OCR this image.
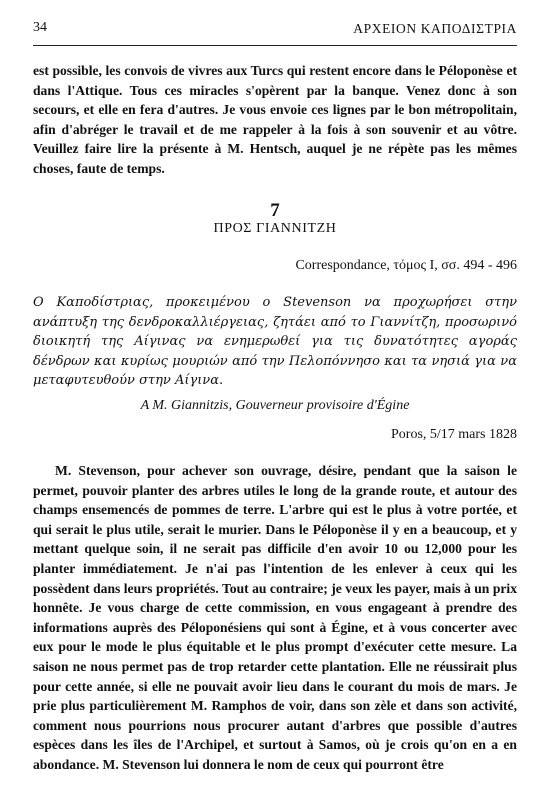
34	ΑΡΧΕΙΟΝ ΚΑΠΟΔΙΣΤΡΙΑ

est possible, les convois de vivres aux Turcs qui restent encore dans le Péloponèse et dans l'Attique. Tous ces miracles s'opèrent par la banque. Venez donc à son secours, et elle en fera d'autres. Je vous envoie ces lignes par le bon métropolitain, afin d'abréger le travail et de me rappeler à la fois à son souvenir et au vôtre. Veuillez faire lire la présente à M. Hentsch, auquel je ne répète pas les mêmes choses, faute de temps.

7
ΠΡΟΣ ΓΙΑΝΝΙΤΖΗ
Correspondance, τόμος I, σσ. 494 - 496

Ο Καποδίστριας, προκειμένου ο Stevenson να προχωρήσει στην ανάπτυξη της δενδροκαλλιέργειας, ζητάει από το Γιαννίτζη, προσωρινό διοικητή της Αίγινας να ενημερωθεί για τις δυνατότητες αγοράς δένδρων και κυρίως μουριών από την Πελοπόννησο και τα νησιά για να μεταφυτευθούν στην Αίγινα.

A M. Giannitzis, Gouverneur provisoire d'Égine
Poros, 5/17 mars 1828

M. Stevenson, pour achever son ouvrage, désire, pendant que la saison le permet, pouvoir planter des arbres utiles le long de la grande route, et autour des champs ensemencés de pommes de terre. L'arbre qui est le plus à votre portée, et qui serait le plus utile, serait le murier. Dans le Péloponèse il y en a beaucoup, et y mettant quelque soin, il ne serait pas difficile d'en avoir 10 ou 12,000 pour les planter immédiatement. Je n'ai pas l'intention de les enlever à ceux qui les possèdent dans leurs propriétés. Tout au contraire; je veux les payer, mais à un prix honnête. Je vous charge de cette commission, en vous engageant à prendre des informations auprès des Péloponésiens qui sont à Égine, et à vous concerter avec eux pour le mode le plus équitable et le plus prompt d'exécuter cette mesure. La saison ne nous permet pas de trop retarder cette plantation. Elle ne réussirait plus pour cette année, si elle ne pouvait avoir lieu dans le courant du mois de mars. Je prie plus particulièrement M. Ramphos de voir, dans son zèle et dans son activité, comment nous pourrions nous procurer autant d'arbres que possible d'autres espèces dans les îles de l'Archipel, et surtout à Samos, où je crois qu'on en a en abondance. M. Stevenson lui donnera le nom de ceux qui pourront être
